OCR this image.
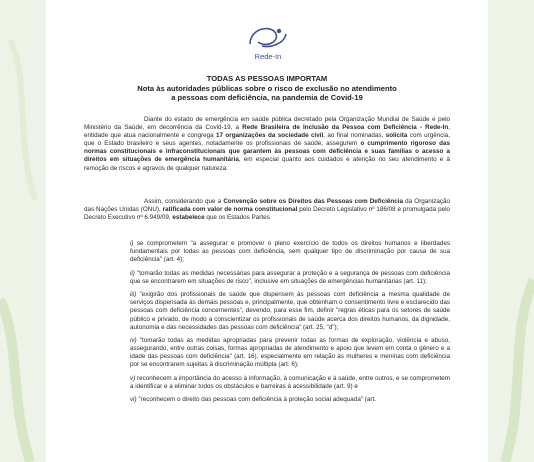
Rede-In
TODAS AS PESSOAS IMPORTAM
Nota às autoridades públicas sobre o risco de exclusão no atendimento
a pessoas com deficiência, na pandemia de Covid-19
Diante do estado de emergência em saúde pública decretado pela Organização Mundial de Saúde e pelo Ministério da Saúde, em decorrência da Covid-19, a Rede Brasileira de Inclusão da Pessoa com Deficiência - Rede-In, entidade que atua nacionalmente e congrega 17 organizações da sociedade civil, ao final nominadas, solicita com urgência, que o Estado brasileiro e seus agentes, notadamente os profissionais de saúde, assegurem o cumprimento rigoroso das normas constitucionais e infraconstitucionais que garantem às pessoas com deficiência e suas famílias o acesso a direitos em situações de emergência humanitária, em especial quanto aos cuidados e atenção no seu atendimento e à remoção de riscos e agravos de qualquer natureza.
Assim, considerando que a Convenção sobre os Direitos das Pessoas com Deficiência da Organização das Nações Unidas (ONU), ratificada com valor de norma constitucional pelo Decreto Legislativo nº 186/08 e promulgada pelo Decreto Executivo nº 6.949/09, estabelece que os Estados Partes
i) se comprometem "a assegurar e promover o pleno exercício de todos os direitos humanos e liberdades fundamentais por todas as pessoas com deficiência, sem qualquer tipo de discriminação por causa de sua deficiência" (art. 4);
ii) "tomarão todas as medidas necessárias para assegurar a proteção e a segurança de pessoas com deficiência que se encontrarem em situações de risco", inclusive em situações de emergências humanitárias (art. 11);
iii) "exigirão dos profissionais de saúde que dispensem às pessoas com deficiência a mesma qualidade de serviços dispensada às demais pessoas e, principalmente, que obtenham o consentimento livre e esclarecido das pessoas com deficiência concernentes", devendo, para esse fim, definir "regras éticas para os setores de saúde público e privado, de modo a conscientizar os profissionais de saúde acerca dos direitos humanos, da dignidade, autonomia e das necessidades das pessoas com deficiência" (art. 25, "d");
iv) "tomarão todas as medidas apropriadas para prevenir todas as formas de exploração, violência e abuso, assegurando, entre outras coisas, formas apropriadas de atendimento e apoio que levem em conta o gênero e a idade das pessoas com deficiência" (art. 16), especialmente em relação às mulheres e meninas com deficiência por se encontrarem sujeitas à discriminação múltipla (art. 6);
v) reconhecem a importância do acesso à informação, à comunicação e à saúde, entre outros, e se comprometem a identificar e a eliminar todos os obstáculos e barreiras à acessibilidade (art. 9) e
vi) "reconhecem o direito das pessoas com deficiência à proteção social adequada" (art.
